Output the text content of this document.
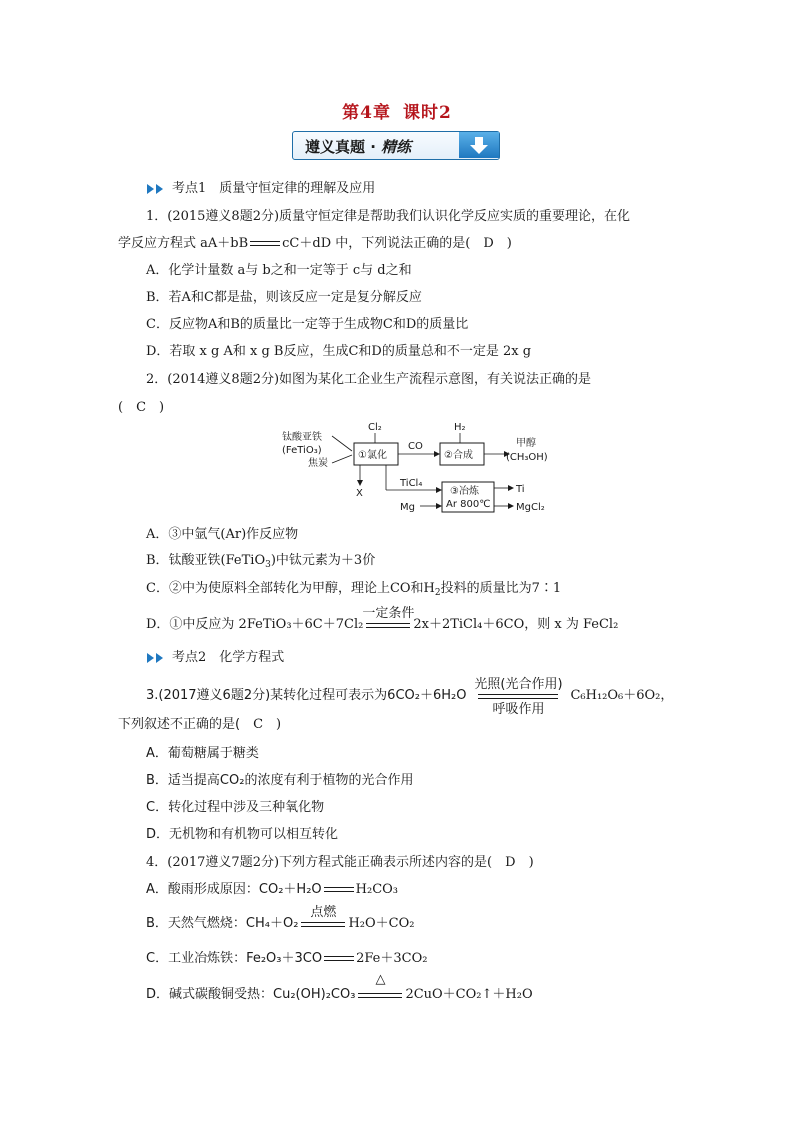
第4章 课时2
遵义真题 · 精练
考点1　质量守恒定律的理解及应用
1．(2015遵义8题2分)质量守恒定律是帮助我们认识化学反应实质的重要理论，在化
学反应方程式 aA＋bB	cC＋dD 中，下列说法正确的是(　D　)
A．化学计量数 a与 b之和一定等于 c与 d之和
B．若A和C都是盐，则该反应一定是复分解反应
C．反应物A和B的质量比一定等于生成物C和D的质量比
D．若取 x g A和 x g B反应，生成C和D的质量总和不一定是 2x g
2．(2014遵义8题2分)如图为某化工企业生产流程示意图，有关说法正确的是
(　C　)
钛酸亚铁
(FeTiO₃)
焦炭
Cl₂
①氯化
CO
H₂
②合成
甲醇
(CH₃OH)
X
TiCl₄
Mg
③冶炼
Ar 800℃
Ti
MgCl₂
A．③中氩气(Ar)作反应物
B．钛酸亚铁(FeTiO$_3$)中钛元素为＋3价
C．②中为使原料全部转化为甲醇，理论上CO和$H_2$投料的质量比为7∶1
D．①中反应为 2FeTiO₃＋6C＋7Cl₂
一定条件
2x＋2TiCl₄＋6CO，则 x 为 FeCl₂
考点2　化学方程式
3.(2017遵义6题2分)某转化过程可表示为6CO₂＋6H₂O
光照(光合作用)
呼吸作用
C₆H₁₂O₆＋6O₂，
下列叙述不正确的是(　C　)
A．葡萄糖属于糖类
B．适当提高CO₂的浓度有利于植物的光合作用
C．转化过程中涉及三种氧化物
D．无机物和有机物可以相互转化
4．(2017遵义7题2分)下列方程式能正确表示所述内容的是(　D　)
A．酸雨形成原因：CO₂＋H₂O	H₂CO₃
B．天然气燃烧：CH₄＋O₂
点燃
H₂O＋CO₂
C．工业冶炼铁：Fe₂O₃＋3CO	2Fe＋3CO₂
D．碱式碳酸铜受热：Cu₂(OH)₂CO₃
△
2CuO＋CO₂↑＋H₂O
